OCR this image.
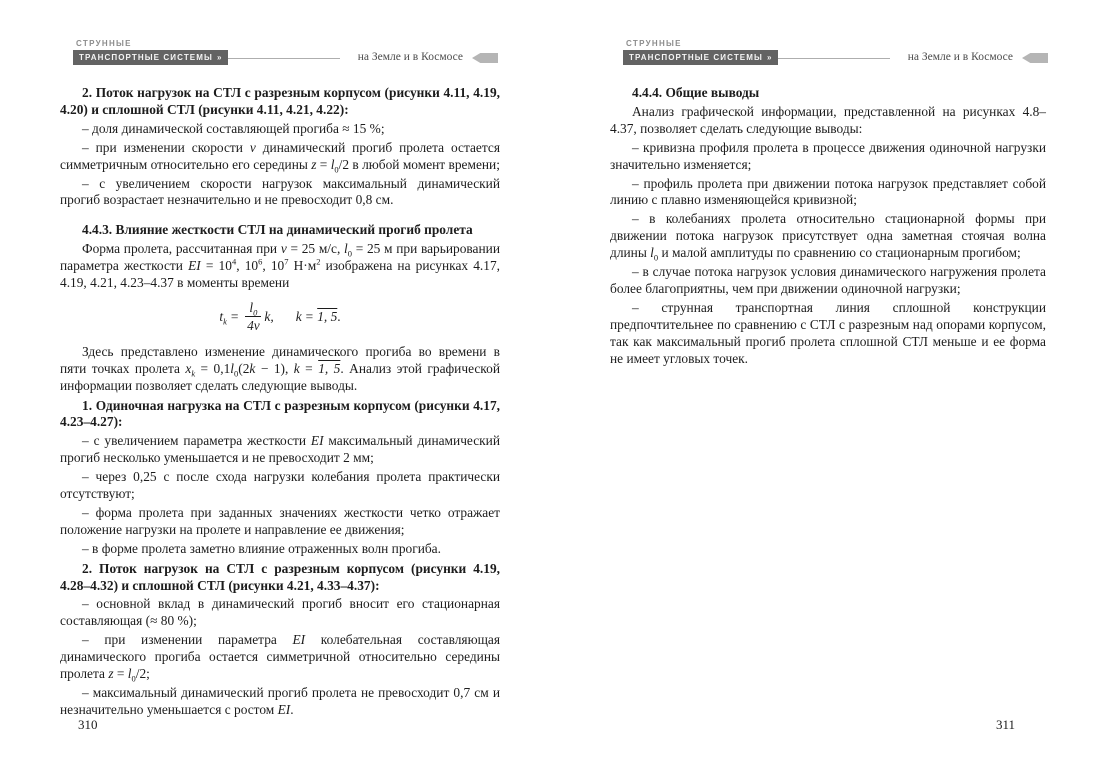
СТРУННЫЕ
ТРАНСПОРТНЫЕ СИСТЕМЫ »	на Земле и в Космосе

2. Поток нагрузок на СТЛ с разрезным корпусом (рисунки 4.11, 4.19, 4.20) и сплошной СТЛ (рисунки 4.11, 4.21, 4.22):

– доля динамической составляющей прогиба ≈ 15 %;

– при изменении скорости v динамический прогиб пролета остается симметричным относительно его середины $z = l_0/2$ в любой момент времени;

– с увеличением скорости нагрузок максимальный динамический прогиб возрастает незначительно и не превосходит 0,8 см.

4.4.3. Влияние жесткости СТЛ на динамический прогиб пролета

Форма пролета, рассчитанная при v = 25 м/с, $l_0 = 25$ м при варьировании параметра жесткости EI = $10^4$, $10^6$, $10^7$ $Н\cdot м^2$ изображена на рисунках 4.17, 4.19, 4.21, 4.23–4.37 в моменты времени

$t_k = \frac{l_0}{4v} k$, k = 1, 5 .

Здесь представлено изменение динамического прогиба во времени в пяти точках пролета $x_k = 0,1l_0(2k - 1)$, k = 1, 5. Анализ этой графической информации позволяет сделать следующие выводы.

1. Одиночная нагрузка на СТЛ с разрезным корпусом (рисунки 4.17, 4.23–4.27):

– с увеличением параметра жесткости EI максимальный динамический прогиб несколько уменьшается и не превосходит 2 мм;

– через 0,25 с после схода нагрузки колебания пролета практически отсутствуют;

– форма пролета при заданных значениях жесткости четко отражает положение нагрузки на пролете и направление ее движения;

– в форме пролета заметно влияние отраженных волн прогиба.

2. Поток нагрузок на СТЛ с разрезным корпусом (рисунки 4.19, 4.28–4.32) и сплошной СТЛ (рисунки 4.21, 4.33–4.37):

– основной вклад в динамический прогиб вносит его стационарная составляющая (≈ 80 %);

– при изменении параметра EI колебательная составляющая динамического прогиба остается симметричной относительно середины пролета $z = l_0/2$;

– максимальный динамический прогиб пролета не превосходит 0,7 см и незначительно уменьшается с ростом EI.

310
СТРУННЫЕ
ТРАНСПОРТНЫЕ СИСТЕМЫ »	на Земле и в Космосе

4.4.4. Общие выводы

Анализ графической информации, представленной на рисунках 4.8– 4.37, позволяет сделать следующие выводы:

– кривизна профиля пролета в процессе движения одиночной нагрузки значительно изменяется;

– профиль пролета при движении потока нагрузок представляет собой линию с плавно изменяющейся кривизной;

– в колебаниях пролета относительно стационарной формы при движении потока нагрузок присутствует одна заметная стоячая волна длины $l_0$ и малой амплитуды по сравнению со стационарным прогибом;

– в случае потока нагрузок условия динамического нагружения пролета более благоприятны, чем при движении одиночной нагрузки;

– струнная транспортная линия сплошной конструкции предпочтительнее по сравнению с СТЛ с разрезным над опорами корпусом, так как максимальный прогиб пролета сплошной СТЛ меньше и ее форма не имеет угловых точек.

311
